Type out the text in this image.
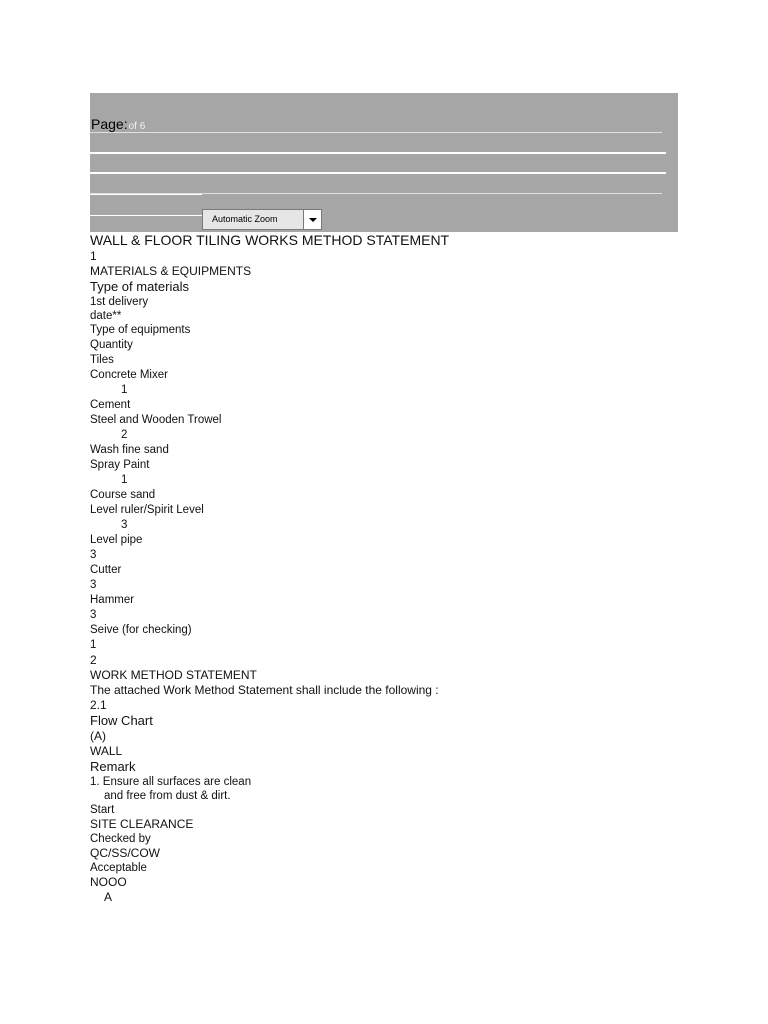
Page:of 6
Automatic Zoom
WALL & FLOOR TILING WORKS METHOD STATEMENT
1
MATERIALS & EQUIPMENTS
Type of materials
1st delivery
date**
Type of equipments
Quantity
Tiles
Concrete Mixer
1
Cement
Steel and Wooden Trowel
2
Wash fine sand
Spray Paint
1
Course sand
Level ruler/Spirit Level
3
Level pipe
3
Cutter
3
Hammer
3
Seive (for checking)
1
2
WORK METHOD STATEMENT
The attached Work Method Statement shall include the following :
2.1
Flow Chart
(A)
WALL
Remark
1. Ensure all surfaces are clean
and free from dust & dirt.
Start
SITE CLEARANCE
Checked by
QC/SS/COW
Acceptable
NOOO
A
